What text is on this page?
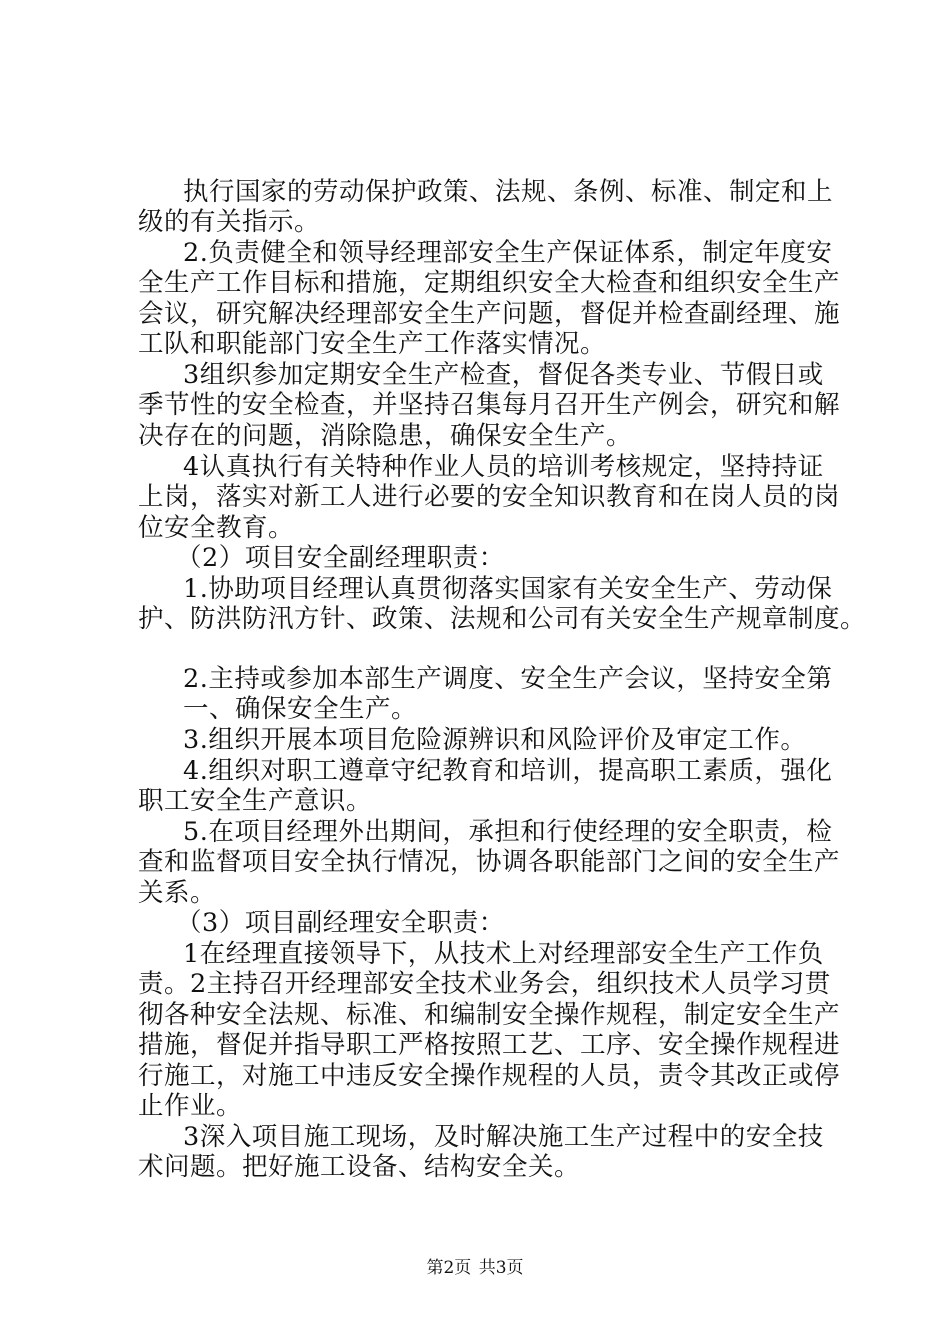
执行国家的劳动保护政策、法规、条例、标准、制定和上
级的有关指示。
2.负责健全和领导经理部安全生产保证体系，制定年度安
全生产工作目标和措施，定期组织安全大检查和组织安全生产
会议，研究解决经理部安全生产问题，督促并检查副经理、施
工队和职能部门安全生产工作落实情况。
3组织参加定期安全生产检查，督促各类专业、节假日或
季节性的安全检查，并坚持召集每月召开生产例会，研究和解
决存在的问题，消除隐患，确保安全生产。
4认真执行有关特种作业人员的培训考核规定，坚持持证
上岗，落实对新工人进行必要的安全知识教育和在岗人员的岗
位安全教育。
（2）项目安全副经理职责：
1.协助项目经理认真贯彻落实国家有关安全生产、劳动保
护、防洪防汛方针、政策、法规和公司有关安全生产规章制度。
2.主持或参加本部生产调度、安全生产会议，坚持安全第
一、确保安全生产。
3.组织开展本项目危险源辨识和风险评价及审定工作。
4.组织对职工遵章守纪教育和培训，提高职工素质，强化
职工安全生产意识。
5.在项目经理外出期间，承担和行使经理的安全职责，检
查和监督项目安全执行情况，协调各职能部门之间的安全生产
关系。
（3）项目副经理安全职责：
1在经理直接领导下，从技术上对经理部安全生产工作负
责。2主持召开经理部安全技术业务会，组织技术人员学习贯
彻各种安全法规、标准、和编制安全操作规程，制定安全生产
措施，督促并指导职工严格按照工艺、工序、安全操作规程进
行施工，对施工中违反安全操作规程的人员，责令其改正或停
止作业。
3深入项目施工现场，及时解决施工生产过程中的安全技
术问题。把好施工设备、结构安全关。
第2页 共3页
